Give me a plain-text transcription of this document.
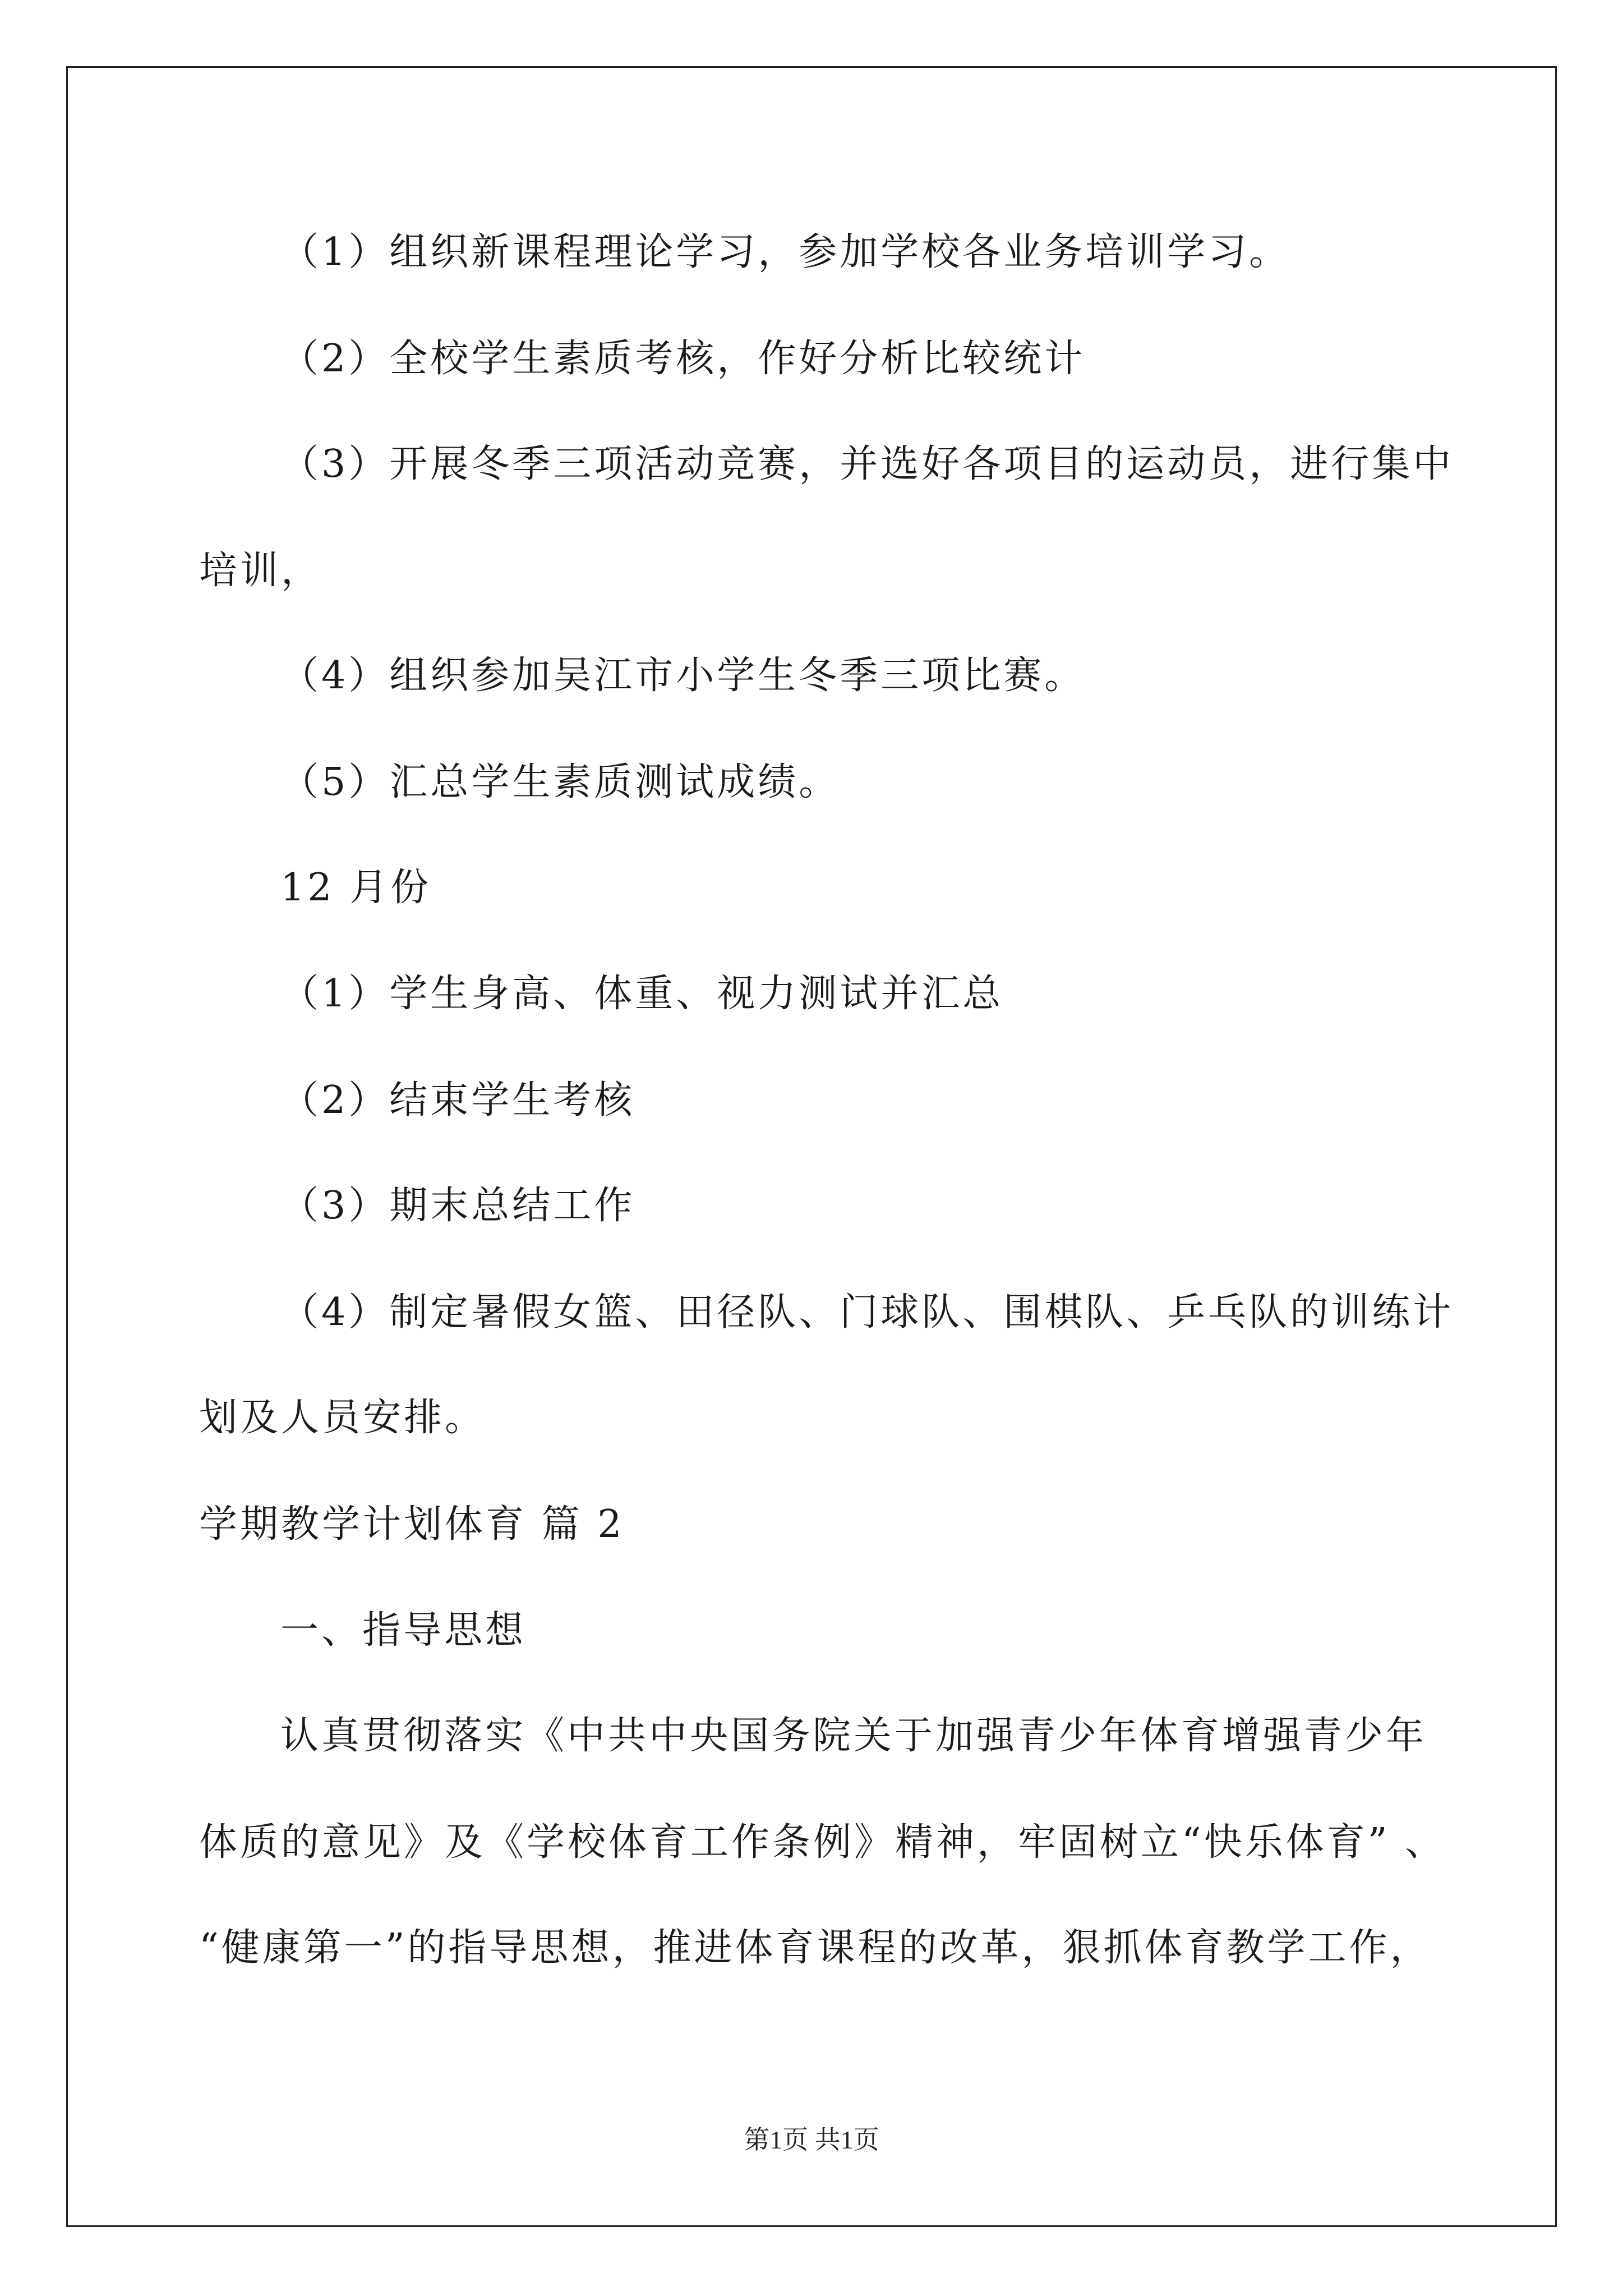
（1）组织新课程理论学习，参加学校各业务培训学习。
（2）全校学生素质考核，作好分析比较统计
（3）开展冬季三项活动竞赛，并选好各项目的运动员，进行集中
培训，
（4）组织参加吴江市小学生冬季三项比赛。
（5）汇总学生素质测试成绩。
12 月份
（1）学生身高、体重、视力测试并汇总
（2）结束学生考核
（3）期末总结工作
（4）制定暑假女篮、田径队、门球队、围棋队、乒乓队的训练计
划及人员安排。
学期教学计划体育 篇 2
一、指导思想
认真贯彻落实《中共中央国务院关于加强青少年体育增强青少年
体质的意见》及《学校体育工作条例》精神，牢固树立“快乐体育” 、
“健康第一”的指导思想，推进体育课程的改革，狠抓体育教学工作，
第1页 共1页
